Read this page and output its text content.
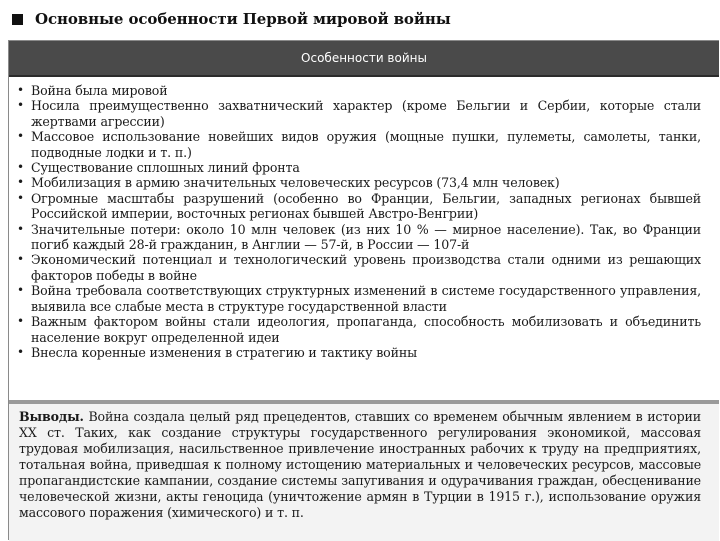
Основные особенности Первой мировой войны
Особенности войны
• Война была мировой
• Носила преимущественно захватнический характер (кроме Бельгии и Сербии, которые стали жертвами агрессии)
• Массовое использование новейших видов оружия (мощные пушки, пулеметы, самолеты, танки, подводные лодки и т. п.)
• Существование сплошных линий фронта
• Мобилизация в армию значительных человеческих ресурсов (73,4 млн человек)
• Огромные масштабы разрушений (особенно во Франции, Бельгии, западных регионах бывшей Российской империи, восточных регионах бывшей Австро-Венгрии)
• Значительные потери: около 10 млн человек (из них 10 % — мирное население). Так, во Франции погиб каждый 28-й гражданин, в Англии — 57-й, в России — 107-й
• Экономический потенциал и технологический уровень производства стали одними из решающих факторов победы в войне
• Война требовала соответствующих структурных изменений в системе государственного управления, выявила все слабые места в структуре государственной власти
• Важным фактором войны стали идеология, пропаганда, способность мобилизовать и объединить население вокруг определенной идеи
• Внесла коренные изменения в стратегию и тактику войны
Выводы. Война создала целый ряд прецедентов, ставших со временем обычным явлением в истории XX ст. Таких, как создание структуры государственного регулирования экономикой, массовая трудовая мобилизация, насильственное привлечение иностранных рабочих к труду на предприятиях, тотальная война, приведшая к полному истощению материальных и человеческих ресурсов, массовые пропагандистские кампании, создание системы запугивания и одурачивания граждан, обесценивание человеческой жизни, акты геноцида (уничтожение армян в Турции в 1915 г.), использование оружия массового поражения (химического) и т. п.
